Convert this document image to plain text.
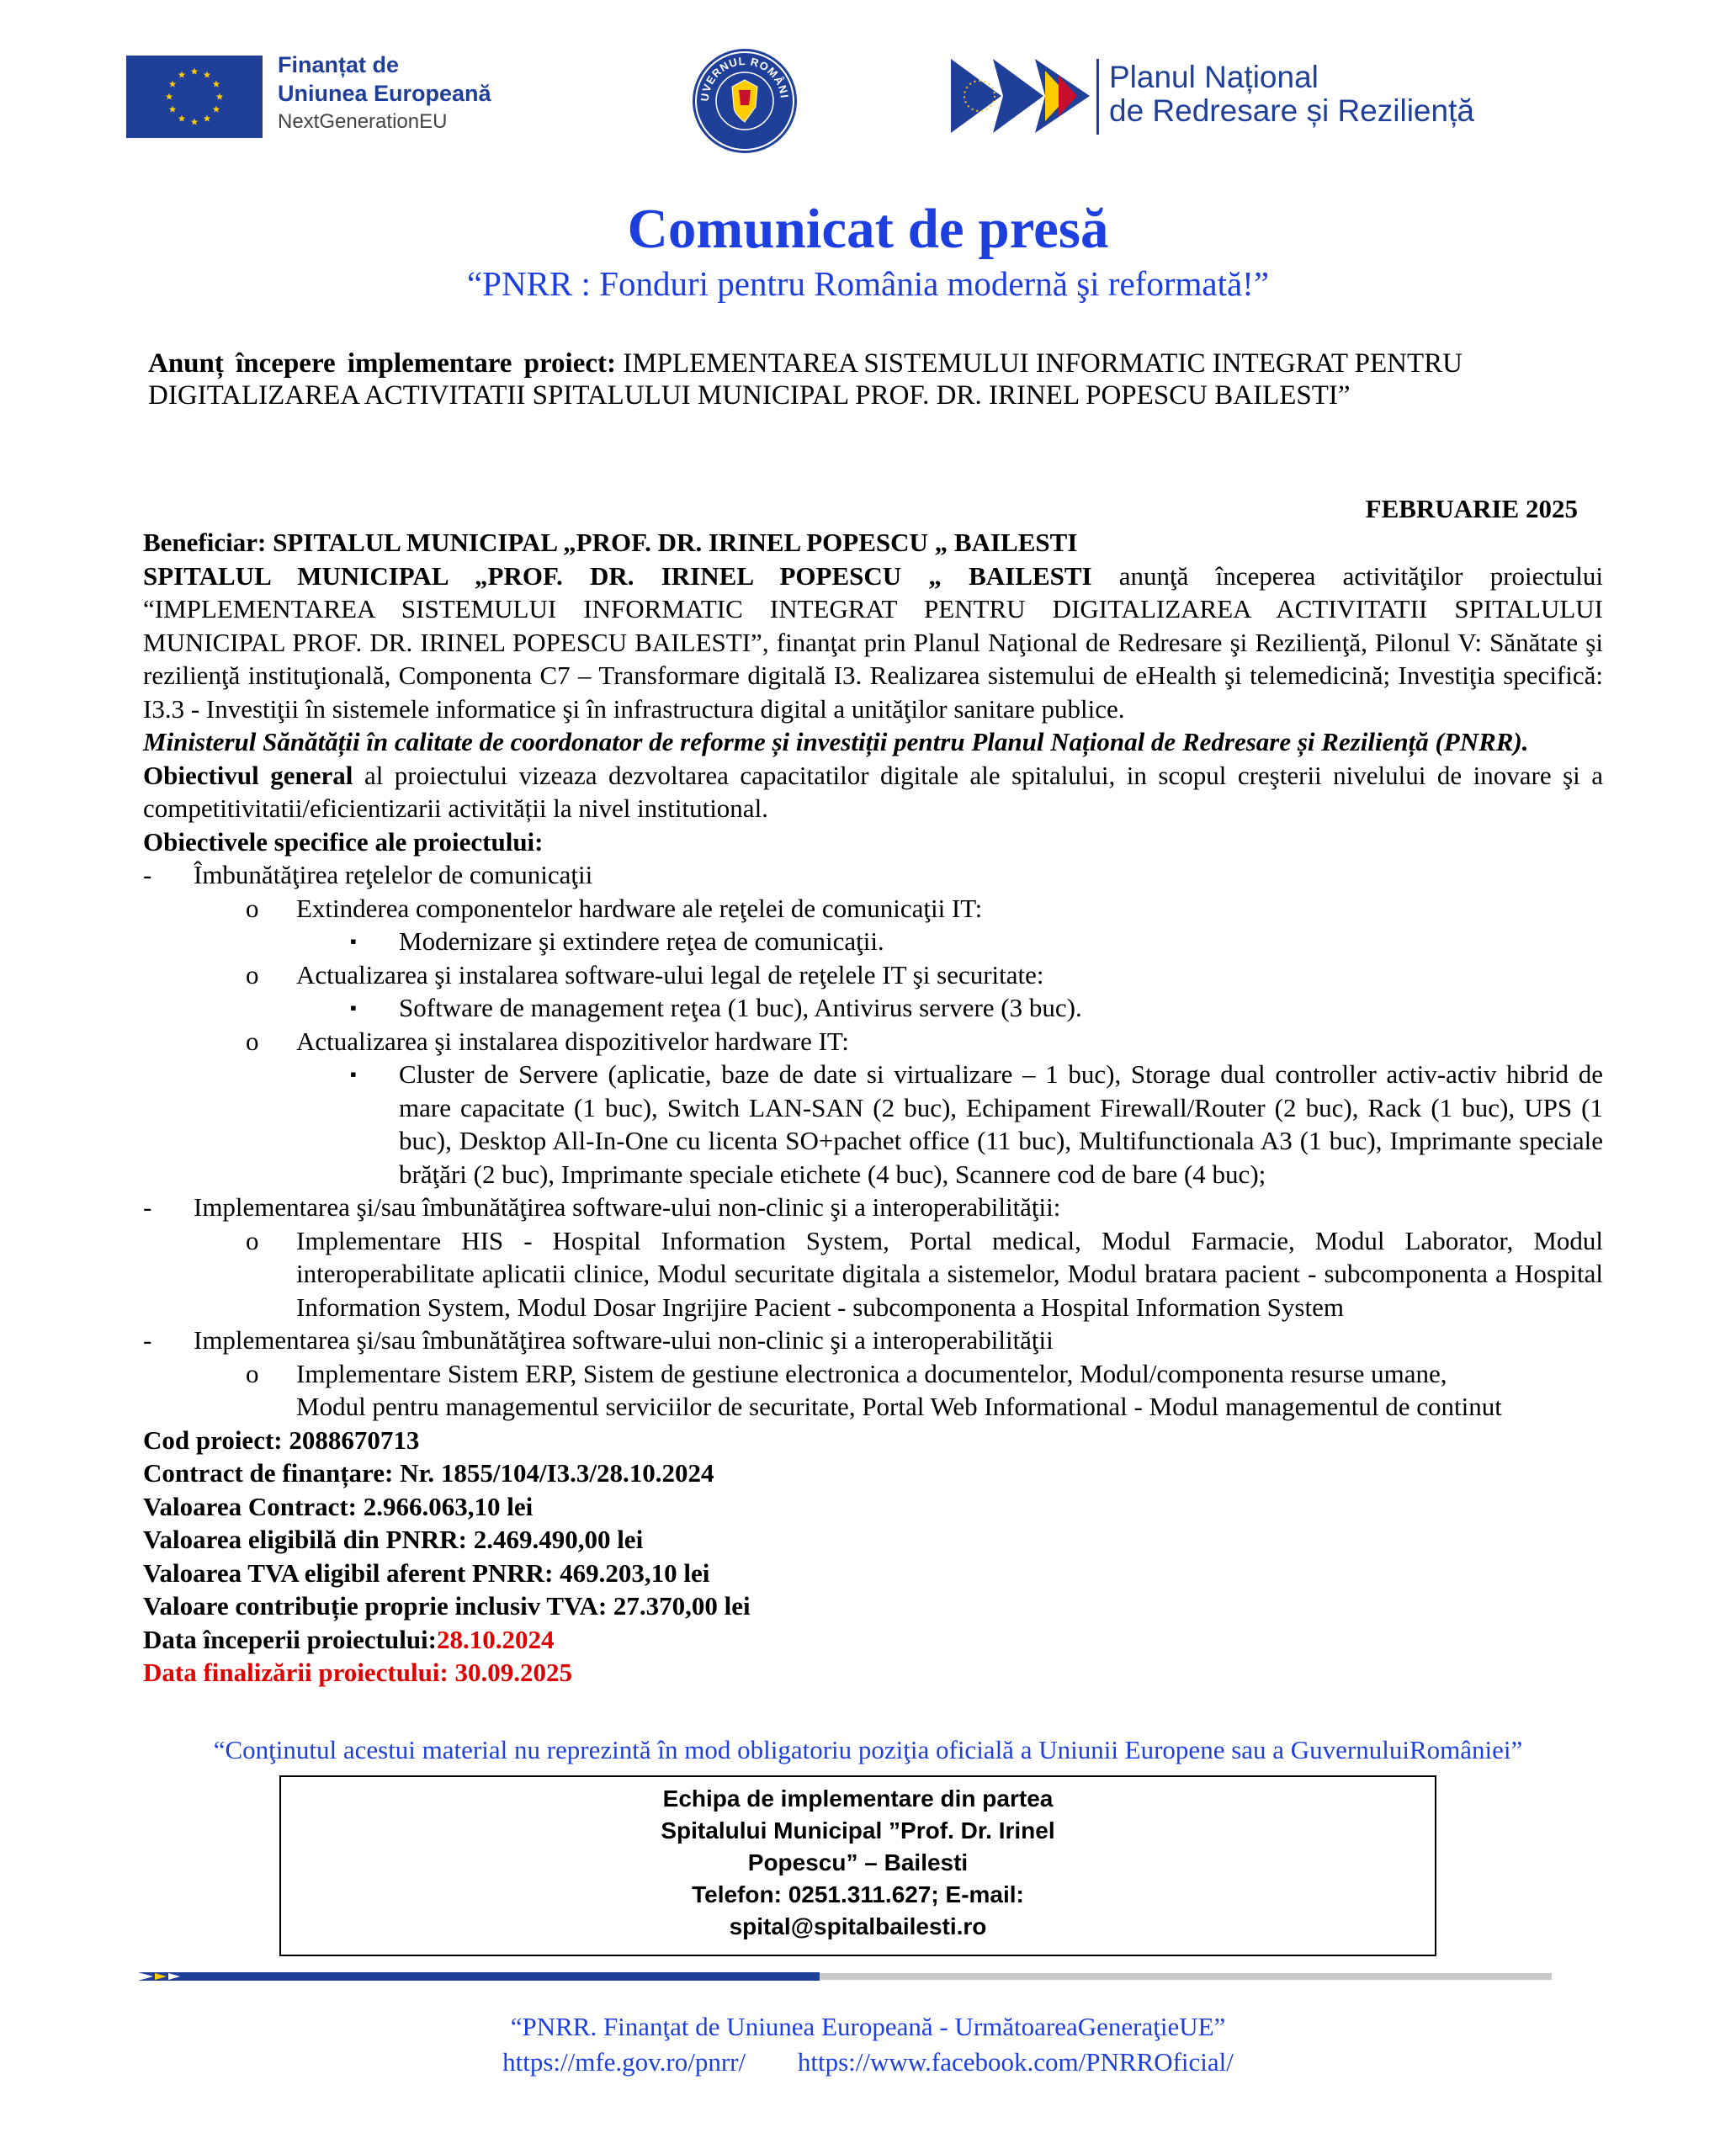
Finanțat de
Uniunea Europeană
NextGenerationEU
UVERNUL ROMÂNI
Planul Național
de Redresare și Reziliență
Comunicat de presă
“PNRR : Fonduri pentru România modernă şi reformată!”
Anunț începere implementare proiect: IMPLEMENTAREA SISTEMULUI INFORMATIC INTEGRAT PENTRU DIGITALIZAREA ACTIVITATII SPITALULUI MUNICIPAL PROF. DR. IRINEL POPESCU BAILESTI”
FEBRUARIE 2025

Beneficiar: SPITALUL MUNICIPAL „PROF. DR. IRINEL POPESCU „ BAILESTI

SPITALUL MUNICIPAL „PROF. DR. IRINEL POPESCU „ BAILESTI anunţă începerea activităţilor proiectului “IMPLEMENTAREA SISTEMULUI INFORMATIC INTEGRAT PENTRU DIGITALIZAREA ACTIVITATII SPITALULUI MUNICIPAL PROF. DR. IRINEL POPESCU BAILESTI”, finanţat prin Planul Naţional de Redresare şi Rezilienţă, Pilonul V: Sănătate şi rezilienţă instituţională, Componenta C7 – Transformare digitală I3. Realizarea sistemului de eHealth şi telemedicină; Investiţia specifică: I3.3 - Investiţii în sistemele informatice şi în infrastructura digital a unităţilor sanitare publice.

Ministerul Sănătății în calitate de coordonator de reforme și investiții pentru Planul Național de Redresare și Reziliență (PNRR).

Obiectivul general al proiectului vizeaza dezvoltarea capacitatilor digitale ale spitalului, in scopul creşterii nivelului de inovare şi a competitivitatii/eficientizarii activității la nivel institutional.

Obiectivele specifice ale proiectului:

- Îmbunătăţirea reţelelor de comunicaţii

o Extinderea componentelor hardware ale reţelei de comunicaţii IT:

▪ Modernizare şi extindere reţea de comunicaţii.

o Actualizarea şi instalarea software-ului legal de reţelele IT şi securitate:

▪ Software de management reţea (1 buc), Antivirus servere (3 buc).

o Actualizarea şi instalarea dispozitivelor hardware IT:

▪ Cluster de Servere (aplicatie, baze de date si virtualizare – 1 buc), Storage dual controller activ-activ hibrid de mare capacitate (1 buc), Switch LAN-SAN (2 buc), Echipament Firewall/Router (2 buc), Rack (1 buc), UPS (1 buc), Desktop All-In-One cu licenta SO+pachet office (11 buc), Multifunctionala A3 (1 buc), Imprimante speciale brăţări (2 buc), Imprimante speciale etichete (4 buc), Scannere cod de bare (4 buc);

- Implementarea şi/sau îmbunătăţirea software-ului non-clinic şi a interoperabilităţii:

o Implementare HIS - Hospital Information System, Portal medical, Modul Farmacie, Modul Laborator, Modul interoperabilitate aplicatii clinice, Modul securitate digitala a sistemelor, Modul bratara pacient - subcomponenta a Hospital Information System, Modul Dosar Ingrijire Pacient - subcomponenta a Hospital Information System

- Implementarea şi/sau îmbunătăţirea software-ului non-clinic şi a interoperabilităţii

o Implementare Sistem ERP, Sistem de gestiune electronica a documentelor, Modul/componenta resurse umane,
Modul pentru managementul serviciilor de securitate, Portal Web Informational - Modul managementul de continut

Cod proiect: 2088670713

Contract de finanțare: Nr. 1855/104/I3.3/28.10.2024

Valoarea Contract: 2.966.063,10 lei

Valoarea eligibilă din PNRR: 2.469.490,00 lei

Valoarea TVA eligibil aferent PNRR: 469.203,10 lei

Valoare contribuție proprie inclusiv TVA: 27.370,00 lei

Data începerii proiectului:28.10.2024

Data finalizării proiectului: 30.09.2025

“Conţinutul acestui material nu reprezintă în mod obligatoriu poziţia oficială a Uniunii Europene sau a GuvernuluiRomâniei”
Echipa de implementare din partea
Spitalului Municipal ”Prof. Dr. Irinel
Popescu” – Bailesti
Telefon: 0251.311.627; E-mail:
spital@spitalbailesti.ro
“PNRR. Finanţat de Uniunea Europeană - UrmătoareaGeneraţieUE”
https://mfe.gov.ro/pnrr/ https://www.facebook.com/PNRROficial/
